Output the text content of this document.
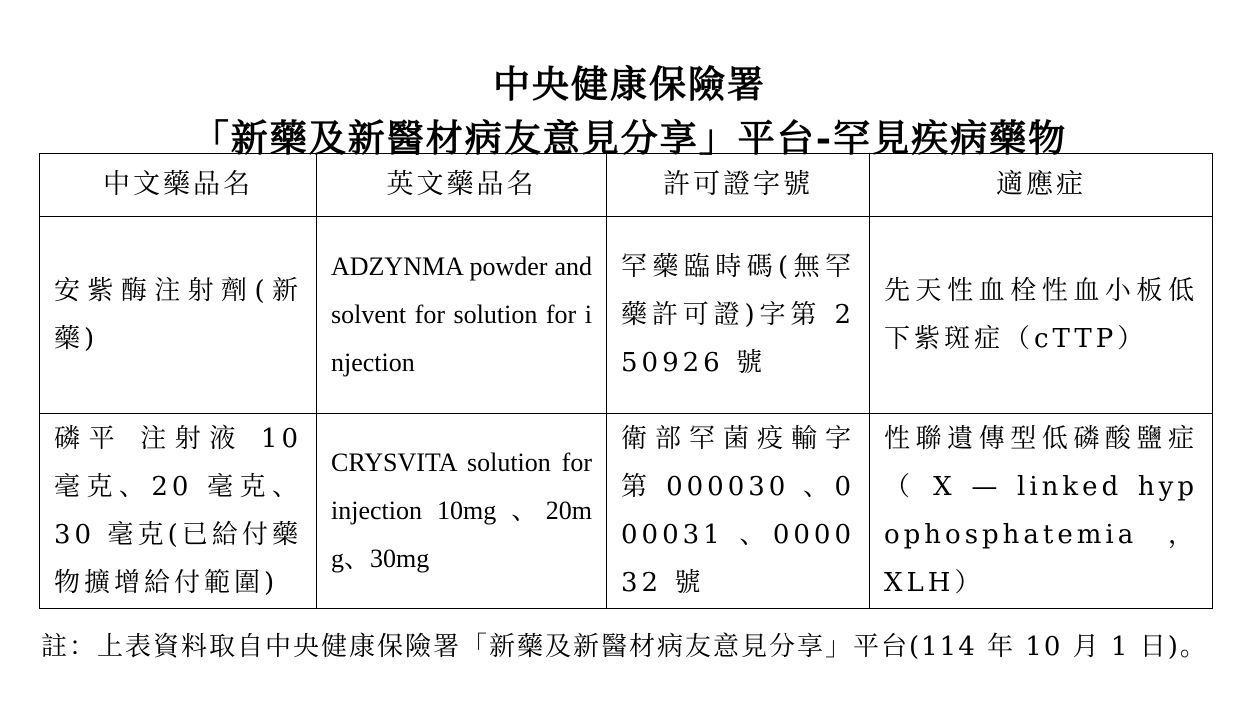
中央健康保險署
「新藥及新醫材病友意見分享」平台-罕見疾病藥物
中文藥品名	英文藥品名	許可證字號	適應症
安紫酶注射劑(新藥)	ADZYNMA powder and solvent for solution for injection	罕藥臨時碼(無罕藥許可證)字第 250926 號	先天性血栓性血小板低下紫斑症（cTTP）
磷平 注射液 10 毫克、20 毫克、30 毫克(已給付藥物擴增給付範圍)	CRYSVITA solution for injection 10mg 、20mg、30mg	衛部罕菌疫輸字第 000030 、000031 、000032 號	性聯遺傳型低磷酸鹽症 （ X — linked hypophosphatemia ，XLH）
註：上表資料取自中央健康保險署「新藥及新醫材病友意見分享」平台(114 年 10 月 1 日)。
